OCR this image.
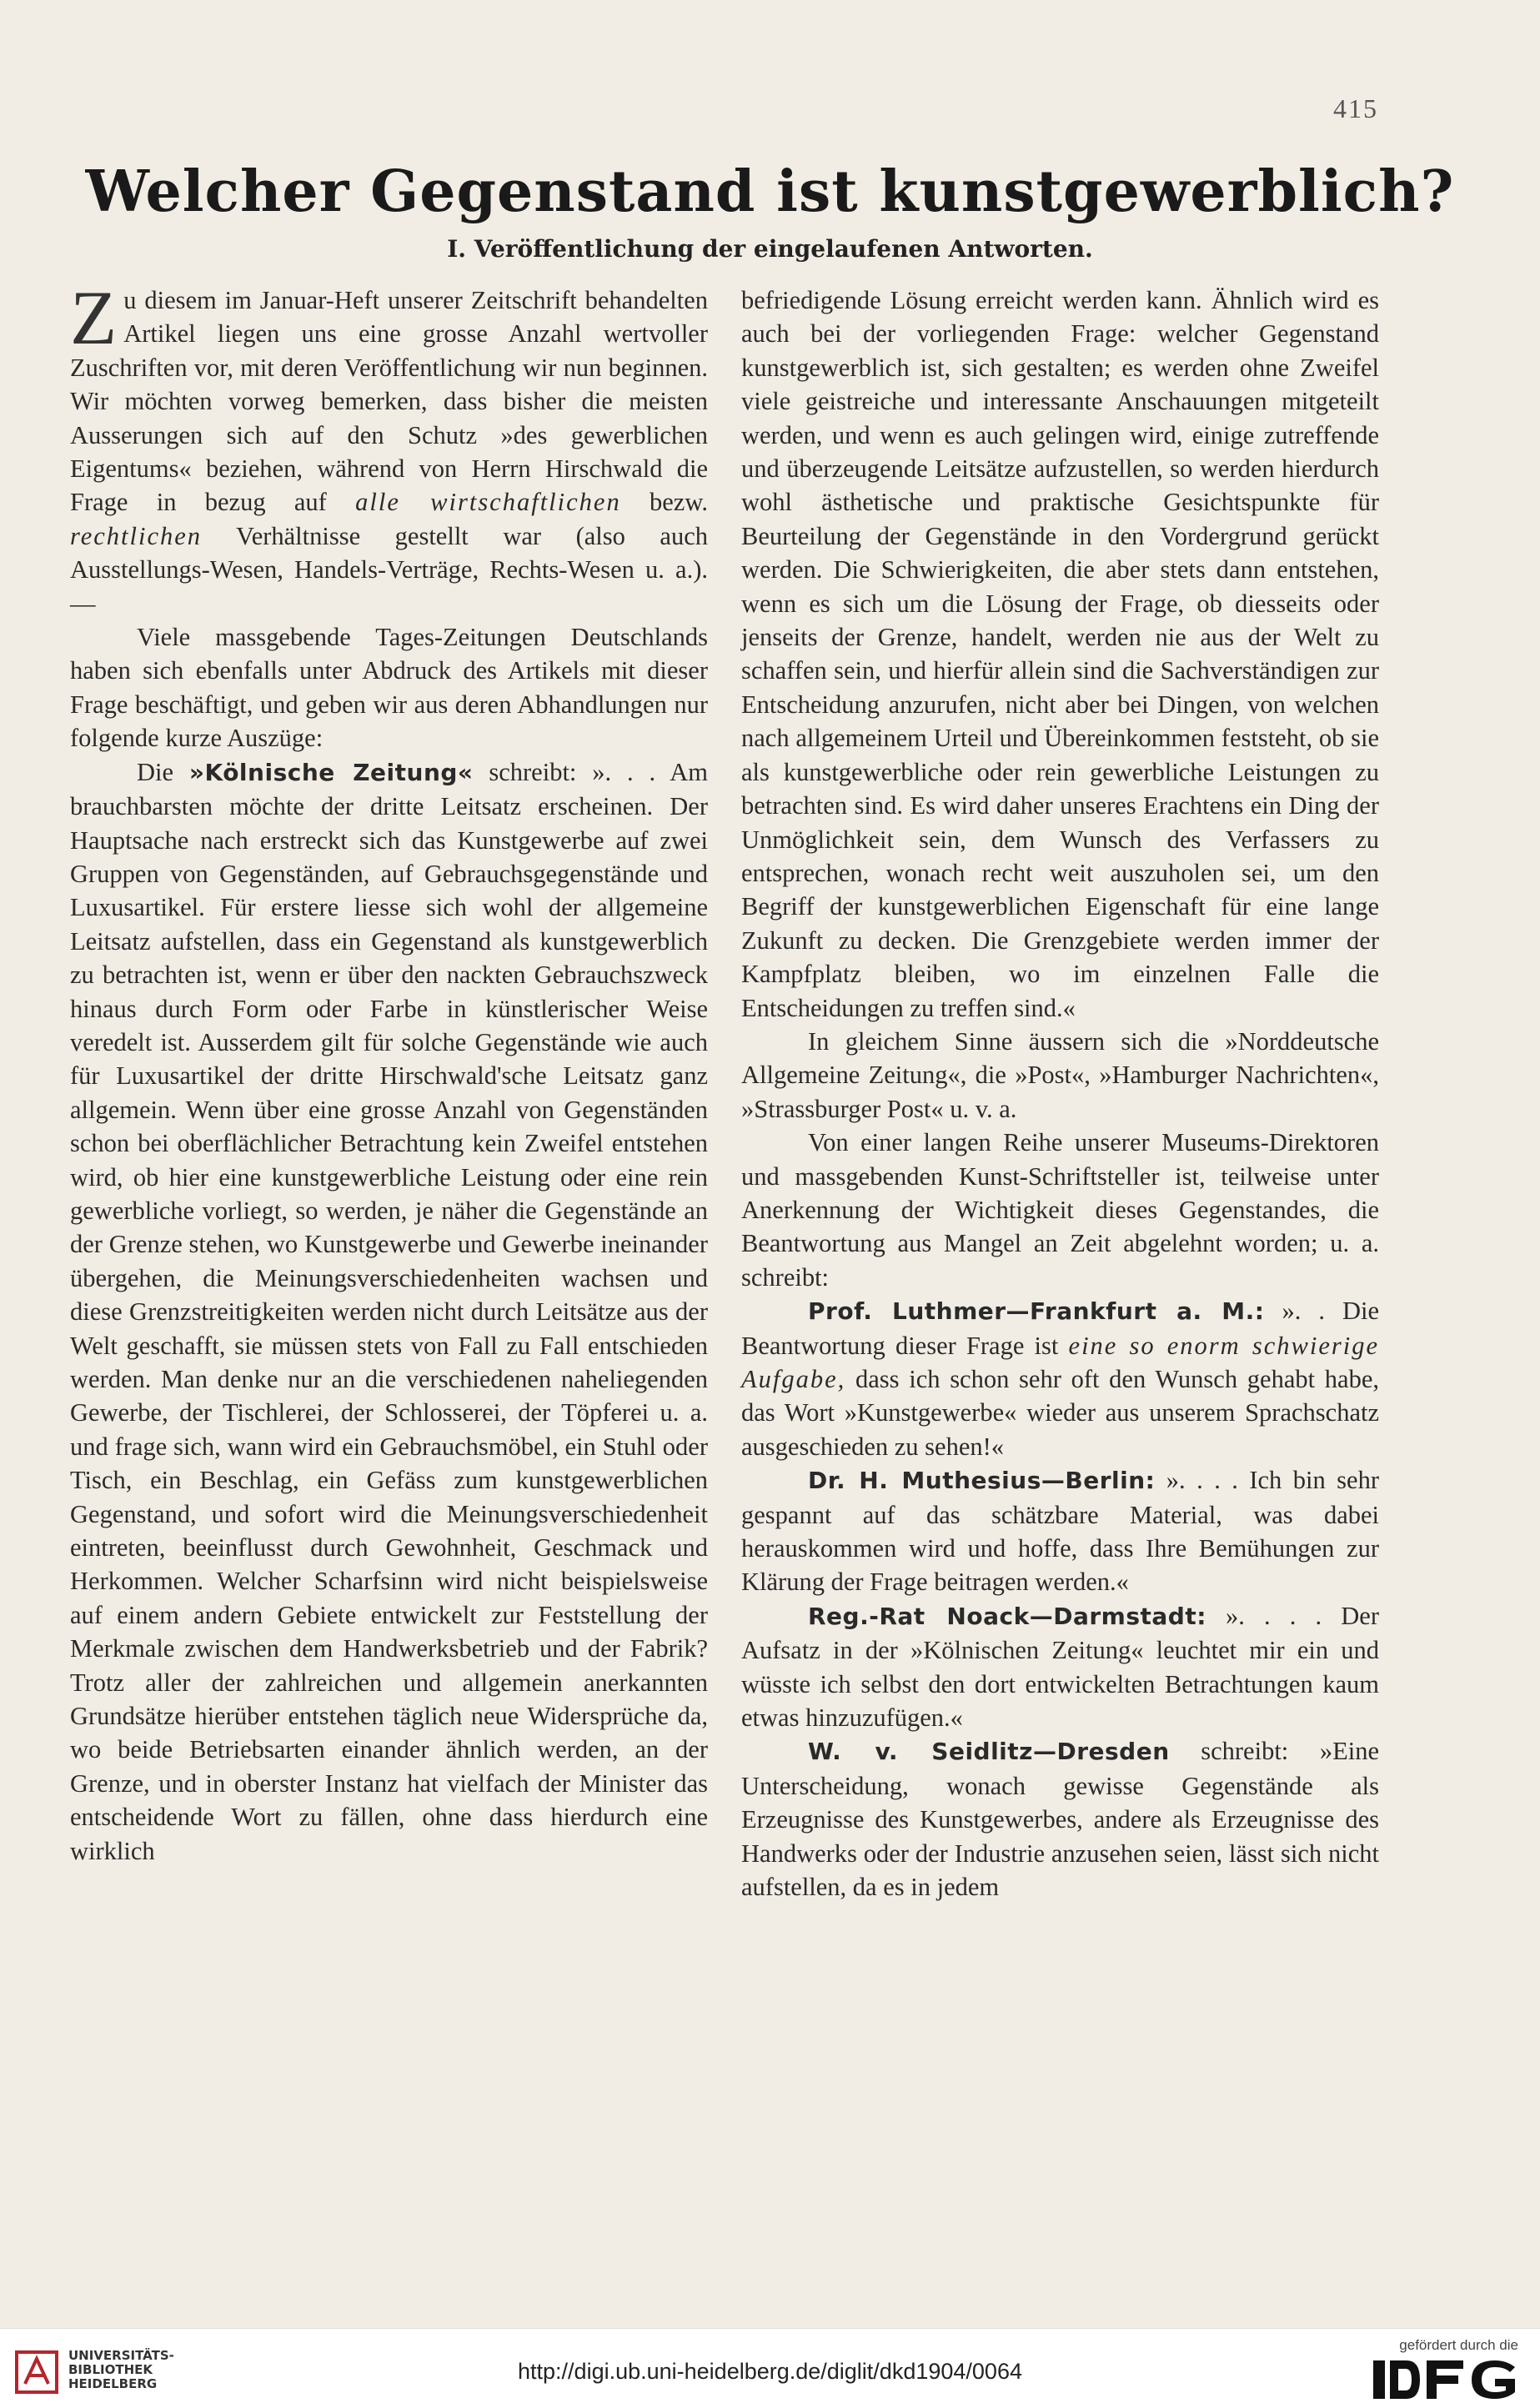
415
Welcher Gegenstand ist kunstgewerblich?
I. Veröffentlichung der eingelaufenen Antworten.

Zu diesem im Januar-Heft unserer Zeitschrift behandelten Artikel liegen uns eine grosse Anzahl wertvoller Zuschriften vor, mit deren Veröffentlichung wir nun beginnen. Wir möchten vorweg bemerken, dass bisher die meisten Ausserungen sich auf den Schutz »des gewerblichen Eigentums« beziehen, während von Herrn Hirschwald die Frage in bezug auf alle wirtschaftlichen bezw. rechtlichen Verhältnisse gestellt war (also auch Ausstellungs-Wesen, Handels-Verträge, Rechts-Wesen u. a.). —

Viele massgebende Tages-Zeitungen Deutschlands haben sich ebenfalls unter Abdruck des Artikels mit dieser Frage beschäftigt, und geben wir aus deren Abhandlungen nur folgende kurze Auszüge:

Die »Kölnische Zeitung« schreibt: ». . . Am brauchbarsten möchte der dritte Leitsatz erscheinen. Der Hauptsache nach erstreckt sich das Kunstgewerbe auf zwei Gruppen von Gegenständen, auf Gebrauchsgegenstände und Luxusartikel. Für erstere liesse sich wohl der allgemeine Leitsatz aufstellen, dass ein Gegenstand als kunstgewerblich zu betrachten ist, wenn er über den nackten Gebrauchszweck hinaus durch Form oder Farbe in künstlerischer Weise veredelt ist. Ausserdem gilt für solche Gegenstände wie auch für Luxusartikel der dritte Hirschwald'sche Leitsatz ganz allgemein. Wenn über eine grosse Anzahl von Gegenständen schon bei oberflächlicher Betrachtung kein Zweifel entstehen wird, ob hier eine kunstgewerbliche Leistung oder eine rein gewerbliche vorliegt, so werden, je näher die Gegenstände an der Grenze stehen, wo Kunstgewerbe und Gewerbe ineinander übergehen, die Meinungsverschiedenheiten wachsen und diese Grenzstreitigkeiten werden nicht durch Leitsätze aus der Welt geschafft, sie müssen stets von Fall zu Fall entschieden werden. Man denke nur an die verschiedenen naheliegenden Gewerbe, der Tischlerei, der Schlosserei, der Töpferei u. a. und frage sich, wann wird ein Gebrauchsmöbel, ein Stuhl oder Tisch, ein Beschlag, ein Gefäss zum kunstgewerblichen Gegenstand, und sofort wird die Meinungsverschiedenheit eintreten, beeinflusst durch Gewohnheit, Geschmack und Herkommen. Welcher Scharfsinn wird nicht beispielsweise auf einem andern Gebiete entwickelt zur Feststellung der Merkmale zwischen dem Handwerksbetrieb und der Fabrik? Trotz aller der zahlreichen und allgemein anerkannten Grundsätze hierüber entstehen täglich neue Widersprüche da, wo beide Betriebsarten einander ähnlich werden, an der Grenze, und in oberster Instanz hat vielfach der Minister das entscheidende Wort zu fällen, ohne dass hierdurch eine wirklich

befriedigende Lösung erreicht werden kann. Ähnlich wird es auch bei der vorliegenden Frage: welcher Gegenstand kunstgewerblich ist, sich gestalten; es werden ohne Zweifel viele geistreiche und interessante Anschauungen mitgeteilt werden, und wenn es auch gelingen wird, einige zutreffende und überzeugende Leitsätze aufzustellen, so werden hierdurch wohl ästhetische und praktische Gesichtspunkte für Beurteilung der Gegenstände in den Vordergrund gerückt werden. Die Schwierigkeiten, die aber stets dann entstehen, wenn es sich um die Lösung der Frage, ob diesseits oder jenseits der Grenze, handelt, werden nie aus der Welt zu schaffen sein, und hierfür allein sind die Sachverständigen zur Entscheidung anzurufen, nicht aber bei Dingen, von welchen nach allgemeinem Urteil und Übereinkommen feststeht, ob sie als kunstgewerbliche oder rein gewerbliche Leistungen zu betrachten sind. Es wird daher unseres Erachtens ein Ding der Unmöglichkeit sein, dem Wunsch des Verfassers zu entsprechen, wonach recht weit auszuholen sei, um den Begriff der kunstgewerblichen Eigenschaft für eine lange Zukunft zu decken. Die Grenzgebiete werden immer der Kampfplatz bleiben, wo im einzelnen Falle die Entscheidungen zu treffen sind.«

In gleichem Sinne äussern sich die »Norddeutsche Allgemeine Zeitung«, die »Post«, »Hamburger Nachrichten«, »Strassburger Post« u. v. a.

Von einer langen Reihe unserer Museums-Direktoren und massgebenden Kunst-Schriftsteller ist, teilweise unter Anerkennung der Wichtigkeit dieses Gegenstandes, die Beantwortung aus Mangel an Zeit abgelehnt worden; u. a. schreibt:

Prof. Luthmer—Frankfurt a. M.: ». . Die Beantwortung dieser Frage ist eine so enorm schwierige Aufgabe, dass ich schon sehr oft den Wunsch gehabt habe, das Wort »Kunstgewerbe« wieder aus unserem Sprachschatz ausgeschieden zu sehen!«

Dr. H. Muthesius—Berlin: ». . . . Ich bin sehr gespannt auf das schätzbare Material, was dabei herauskommen wird und hoffe, dass Ihre Bemühungen zur Klärung der Frage beitragen werden.«

Reg.-Rat Noack—Darmstadt: ». . . . Der Aufsatz in der »Kölnischen Zeitung« leuchtet mir ein und wüsste ich selbst den dort entwickelten Betrachtungen kaum etwas hinzuzufügen.«

W. v. Seidlitz—Dresden schreibt: »Eine Unterscheidung, wonach gewisse Gegenstände als Erzeugnisse des Kunstgewerbes, andere als Erzeugnisse des Handwerks oder der Industrie anzusehen seien, lässt sich nicht aufstellen, da es in jedem

UNIVERSITÄTS-
BIBLIOTHEK
HEIDELBERG	http://digi.ub.uni-heidelberg.de/diglit/dkd1904/0064
gefördert durch die
